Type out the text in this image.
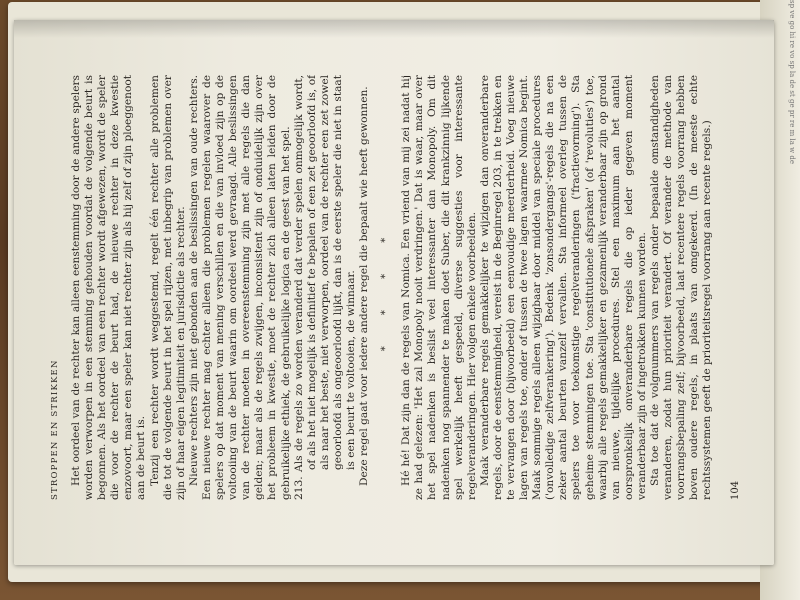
sp ve go hi re vo sp la de st ge pr re m la w de
STROPPEN EN STRIKKEN Het oordeel van de rechter kan alleen eenstemming door de andere spelers worden verworpen in een stemming gehouden voordat de volgende beurt is begonnen. Als het oordeel van een rechter wordt afgewezen, wordt de speler die voor de rechter de beurt had, de nieuwe rechter in deze kwestie enzovoort, maar een speler kan niet rechter zijn als hij zelf of zijn ploeggenoot aan de beurt is. Tenzij een rechter wordt weggestemd, regelt één rechter alle problemen die tot de volgende beurt in het spel rijzen, met inbegrip van problemen over zijn of haar eigen legitimiteit en jurisdictie als rechter. Nieuwe rechters zijn niet gebonden aan de beslissingen van oude rechters. Een nieuwe rechter mag echter alleen die problemen regelen waarover de spelers op dat moment van mening verschillen en die van invloed zijn op de voltooiing van de beurt waarin om oordeel werd gevraagd. Alle beslissingen van de rechter moeten in overeenstemming zijn met alle regels die dan gelden; maar als de regels zwijgen, inconsistent zijn of onduidelijk zijn over het probleem in kwestie, moet de rechter zich alleen laten leiden door de gebruikelijke ethiek, de gebruikelijke logica en de geest van het spel. 213. Als de regels zo worden veranderd dat verder spelen onmogelijk wordt, of als het niet mogelijk is definitief te bepalen of een zet geoorloofd is, of als naar het beste, niet verworpen, oordeel van de rechter een zet zowel geoorloofd als ongeoorloofd lijkt, dan is de eerste speler die niet in staat is een beurt te voltooien, de winnaar. Deze regel gaat voor iedere andere regel die bepaalt wie heeft gewonnen. * * * * Hé hé! Dat zijn dan de regels van Nomica. Een vriend van mij zei nadat hij ze had gelezen: 'Het zal Monopoly nooit verdringen.' Dat is waar, maar over het spel nadenken is beslist veel interessanter dan Monopoly. Om dit nadenken nog spannender te maken doet Suber, die dit krankzinnig lijkende spel werkelijk heeft gespeeld, diverse suggesties voor interessante regelveranderingen. Hier volgen enkele voorbeelden. Maak veranderbare regels gemakkelijker te wijzigen dan onveranderbare regels, door de eenstemmigheid, vereist in de Beginregel 203, in te trekken en te vervangen door (bijvoorbeeld) een eenvoudige meerderheid. Voeg nieuwe lagen van regels toe, onder of tussen de twee lagen waarmee Nomica begint. Maak sommige regels alleen wijzigbaar door middel van speciale procedures ('onvolledige zelfverankering'). Bedenk 'zonsondergangs'-regels die na een zeker aantal beurten vanzelf vervallen. Sta informeel overleg tussen de spelers toe voor toekomstige regelveranderingen ('fractievorming'). Sta geheime stemmingen toe. Sta 'constitutionele afspraken' (of 'revoluties') toe, waarbij alle regels gemakkelijker en gezamenlijk veranderbaar zijn op grond van nieuwe, tijdelijke procedures. Stel een maximum aan het aantal oorspronkelijk onveranderbare regels die op ieder gegeven moment veranderbaar zijn of ingetrokken kunnen worden. Sta toe dat de volgnummers van regels onder bepaalde omstandigheden veranderen, zodat hun prioriteit verandert. Of verander de methode van voorrangsbepaling zelf; bijvoorbeeld, laat recentere regels voorrang hebben boven oudere regels, in plaats van omgekeerd. (In de meeste echte rechtssystemen geeft de prioriteitsregel voorrang aan recente regels.) 104
